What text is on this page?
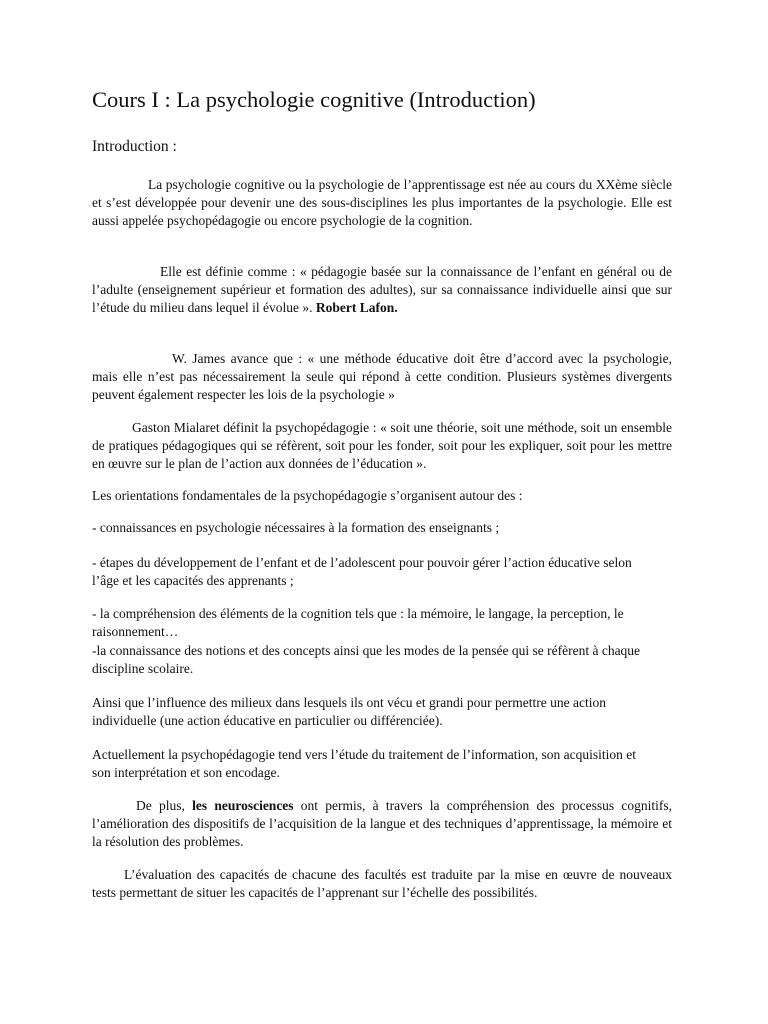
Cours I : La psychologie cognitive (Introduction)
Introduction :

La psychologie cognitive ou la psychologie de l’apprentissage est née au cours du XXème siècle et s’est développée pour devenir une des sous-disciplines les plus importantes de la psychologie. Elle est aussi appelée psychopédagogie ou encore psychologie de la cognition.

Elle est définie comme : « pédagogie basée sur la connaissance de l’enfant en général ou de l’adulte (enseignement supérieur et formation des adultes), sur sa connaissance individuelle ainsi que sur l’étude du milieu dans lequel il évolue ». Robert Lafon.

W. James avance que : « une méthode éducative doit être d’accord avec la psychologie, mais elle n’est pas nécessairement la seule qui répond à cette condition. Plusieurs systèmes divergents peuvent également respecter les lois de la psychologie »

Gaston Mialaret définit la psychopédagogie : « soit une théorie, soit une méthode, soit un ensemble de pratiques pédagogiques qui se réfèrent, soit pour les fonder, soit pour les expliquer, soit pour les mettre en œuvre sur le plan de l’action aux données de l’éducation ».

Les orientations fondamentales de la psychopédagogie s’organisent autour des :

- connaissances en psychologie nécessaires à la formation des enseignants ;

- étapes du développement de l’enfant et de l’adolescent pour pouvoir gérer l’action éducative selon l’âge et les capacités des apprenants ;

- la compréhension des éléments de la cognition tels que : la mémoire, le langage, la perception, le raisonnement…

-la connaissance des notions et des concepts ainsi que les modes de la pensée qui se réfèrent à chaque discipline scolaire.

Ainsi que l’influence des milieux dans lesquels ils ont vécu et grandi pour permettre une action individuelle (une action éducative en particulier ou différenciée).

Actuellement la psychopédagogie tend vers l’étude du traitement de l’information, son acquisition et son interprétation et son encodage.

De plus, les neurosciences ont permis, à travers la compréhension des processus cognitifs, l’amélioration des dispositifs de l’acquisition de la langue et des techniques d’apprentissage, la mémoire et la résolution des problèmes.

L’évaluation des capacités de chacune des facultés est traduite par la mise en œuvre de nouveaux tests permettant de situer les capacités de l’apprenant sur l’échelle des possibilités.
